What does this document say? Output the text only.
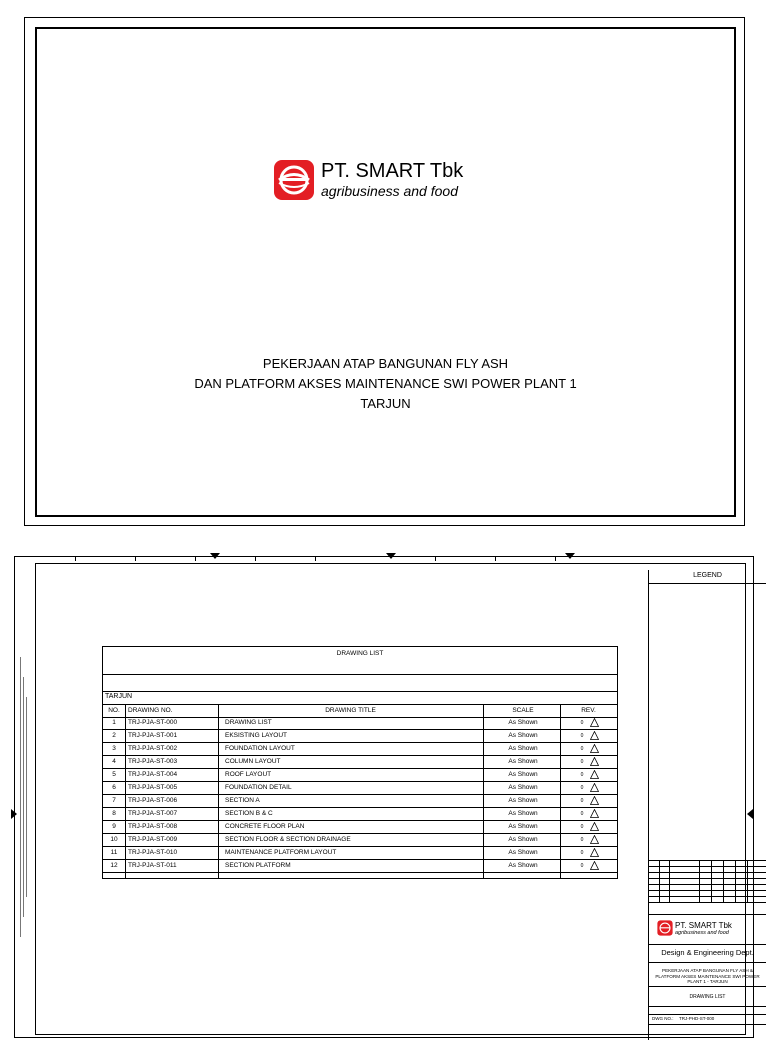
PT. SMART Tbk
agribusiness and food
PEKERJAAN ATAP BANGUNAN FLY ASH
DAN PLATFORM AKSES MAINTENANCE SWI POWER PLANT 1
TARJUN
DRAWING LIST
TARJUN
NO.	DRAWING NO.	DRAWING TITLE	SCALE	REV.
1	TRJ-PJA-ST-000	DRAWING LIST	As Shown	0
2	TRJ-PJA-ST-001	EKSISTING LAYOUT	As Shown	0
3	TRJ-PJA-ST-002	FOUNDATION LAYOUT	As Shown	0
4	TRJ-PJA-ST-003	COLUMN LAYOUT	As Shown	0
5	TRJ-PJA-ST-004	ROOF LAYOUT	As Shown	0
6	TRJ-PJA-ST-005	FOUNDATION DETAIL	As Shown	0
7	TRJ-PJA-ST-006	SECTION A	As Shown	0
8	TRJ-PJA-ST-007	SECTION B & C	As Shown	0
9	TRJ-PJA-ST-008	CONCRETE FLOOR PLAN	As Shown	0
10	TRJ-PJA-ST-009	SECTION FLOOR & SECTION DRAINAGE	As Shown	0
11	TRJ-PJA-ST-010	MAINTENANCE PLATFORM LAYOUT	As Shown	0
12	TRJ-PJA-ST-011	SECTION PLATFORM	As Shown	0
LEGEND
PT. SMART Tbk
agribusiness and food
Design & Engineering Dept.
PEKERJAAN ATAP BANGUNAN FLY ASH &
PLATFORM AKSES MAINTENANCE SWI POWER
PLANT 1 - TARJUN
DRAWING LIST
DWG NO.: TRJ-PHD-ST-000
